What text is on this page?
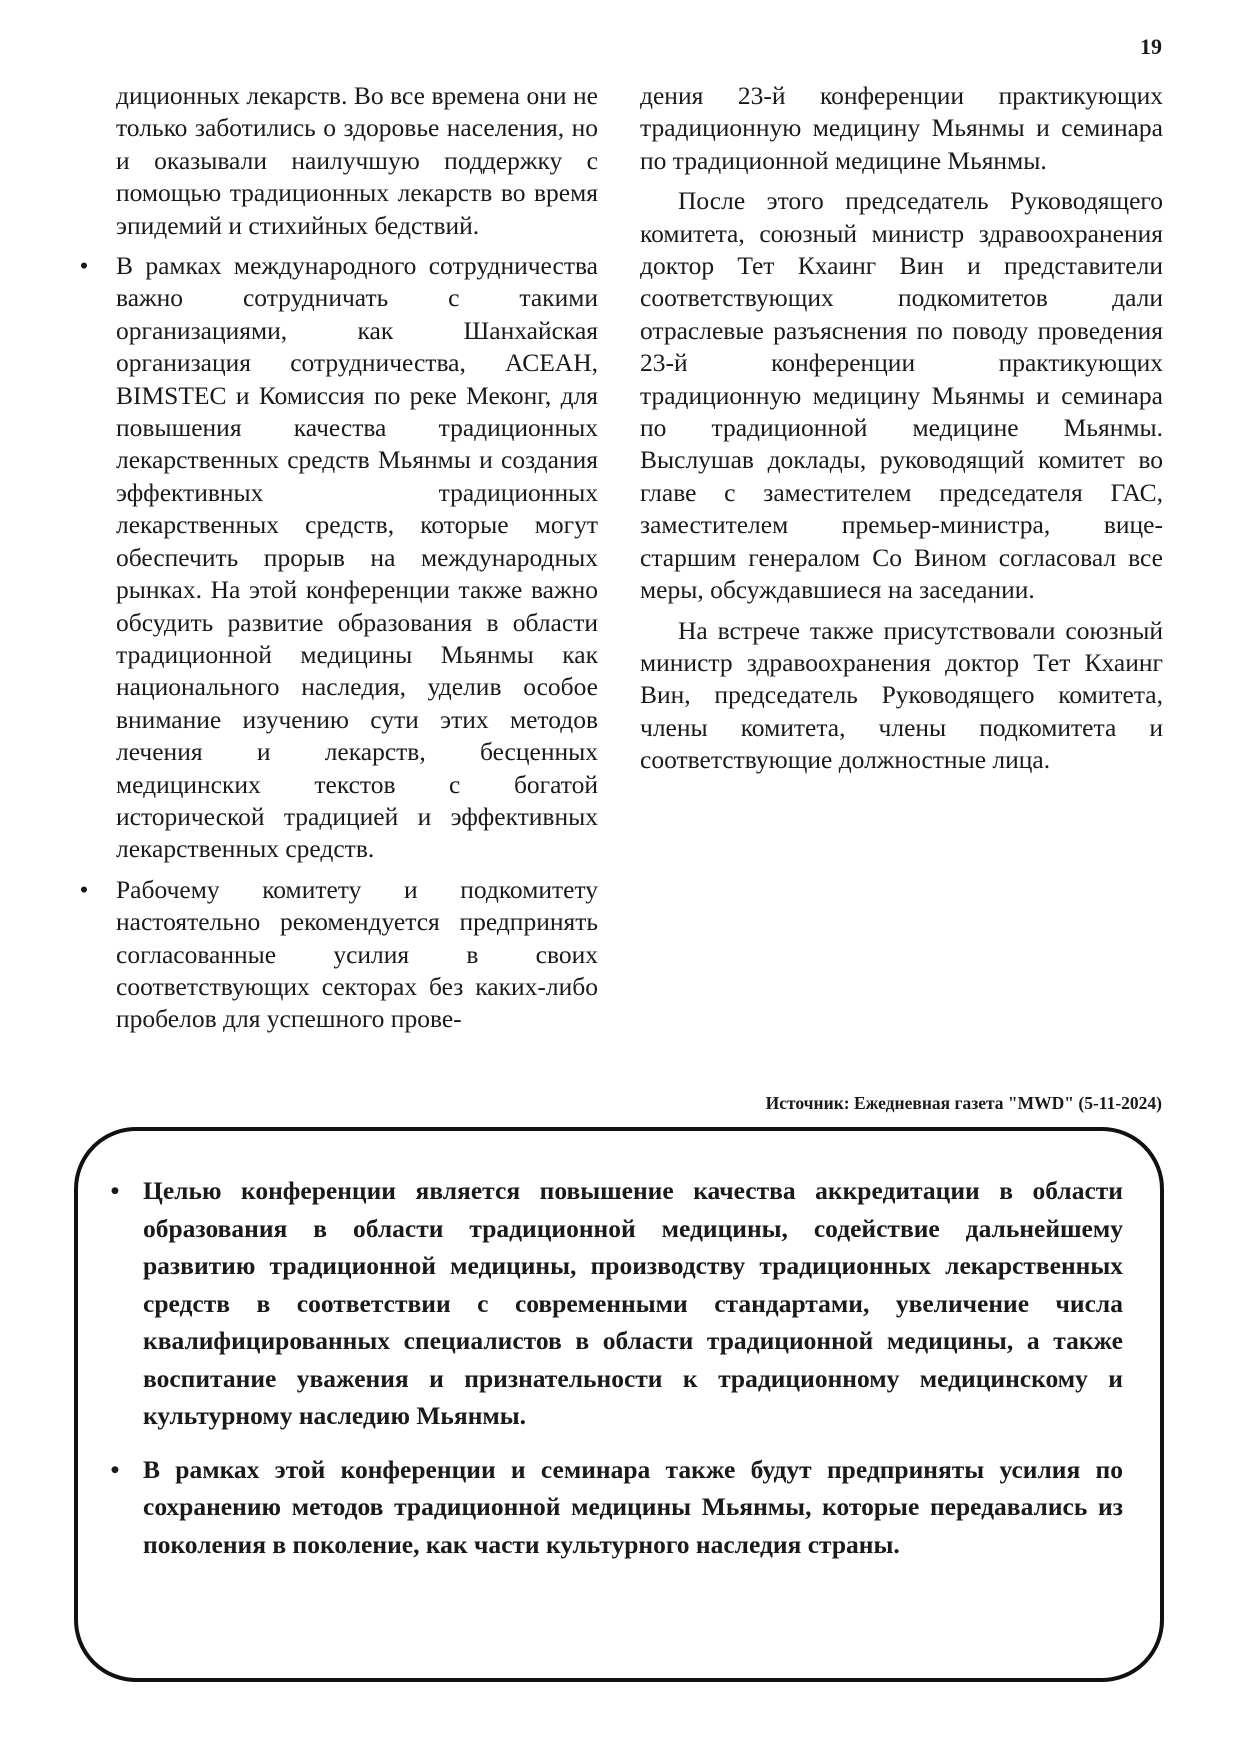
19

диционных лекарств. Во все времена они не только заботились о здоровье населения, но и оказывали наилучшую поддержку с помощью традиционных лекарств во время эпидемий и стихийных бедствий.

• В рамках международного сотрудничества важно сотрудничать с такими организациями, как Шанхайская организация сотрудничества, АСЕАН, BIMSTEC и Комиссия по реке Меконг, для повышения качества традиционных лекарственных средств Мьянмы и создания эффективных традиционных лекарственных средств, которые могут обеспечить прорыв на международных рынках. На этой конференции также важно обсудить развитие образования в области традиционной медицины Мьянмы как национального наследия, уделив особое внимание изучению сути этих методов лечения и лекарств, бесценных медицинских текстов с богатой исторической традицией и эффективных лекарственных средств.
• Рабочему комитету и подкомитету настоятельно рекомендуется предпринять согласованные усилия в своих соответствующих секторах без каких-либо пробелов для успешного прове-

дения 23-й конференции практикующих традиционную медицину Мьянмы и семинара по традиционной медицине Мьянмы.

После этого председатель Руководящего комитета, союзный министр здравоохранения доктор Тет Кхаинг Вин и представители соответствующих подкомитетов дали отраслевые разъяснения по поводу проведения 23-й конференции практикующих традиционную медицину Мьянмы и семинара по традиционной медицине Мьянмы. Выслушав доклады, руководящий комитет во главе с заместителем председателя ГАС, заместителем премьер-министра, вице-старшим генералом Со Вином согласовал все меры, обсуждавшиеся на заседании.

На встрече также присутствовали союзный министр здравоохранения доктор Тет Кхаинг Вин, председатель Руководящего комитета, члены комитета, члены подкомитета и соответствующие должностные лица.

Источник: Ежедневная газета "MWD" (5-11-2024)
• Целью конференции является повышение качества аккредитации в области образования в области традиционной медицины, содействие дальнейшему развитию традиционной медицины, производству традиционных лекарственных средств в соответствии с современными стандартами, увеличение числа квалифицированных специалистов в области традиционной медицины, а также воспитание уважения и признательности к традиционному медицинскому и культурному наследию Мьянмы.
• В рамках этой конференции и семинара также будут предприняты усилия по сохранению методов традиционной медицины Мьянмы, которые передавались из поколения в поколение, как части культурного наследия страны.
